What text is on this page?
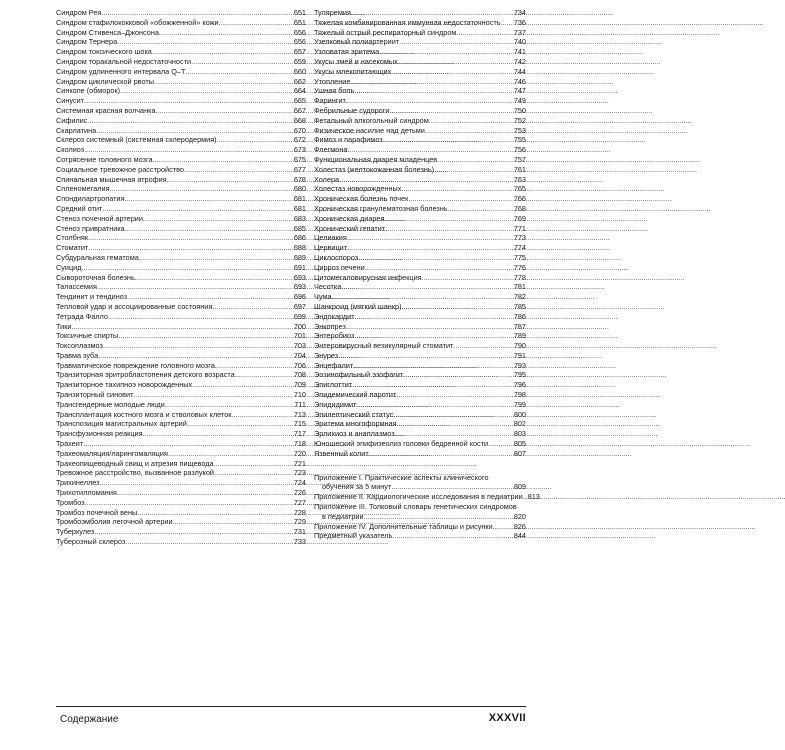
Синдром Рея . . .	651
Синдром стафилококковой «обожженной» кожи . . .	651
Синдром Стивенса–Джонсона . . .	656
Синдром Тернера . . .	656
Синдром токсического шока . . .	657
Синдром торакальной недостаточности . . .	659
Синдром удлиненного интервала Q–T . . .	660
Синдром циклической рвоты . . .	662
Синкопе (обморок) . . .	664
Синусит . . .	665
Системная красная волчанка . . .	667
Сифилис . . .	668
Скарлатина . . .	670
Склероз системный (системная склеродермия) . . .	672
Сколиоз . . .	673
Сотрясение головного мозга . . .	675
Социальное тревожное расстройство . . .	677
Спинальная мышечная атрофия . . .	678
Спленомегалия . . .	680
Спондилартропатия . . .	681
Средний отит . . .	681
Стеноз почечной артерии . . .	683
Стеноз привратника . . .	685
Столбняк . . .	686
Стоматит . . .	688
Субдуральная гематома . . .	689
Суицид . . .	691
Сывороточная болезнь . . .	693
Талассемия . . .	693
Тендинит и тендиноз . . .	696
Тепловой удар и ассоциированные состояния . . .	697
Тетрада Фалло . . .	699
Тики . . .	700
Токсичные спирты . . .	701
Токсоплазмоз . . .	703
Травма зуба . . .	704
Травматическое повреждение головного мозга . . .	706
Транзиторная эритробластопения детского возраста . . .	708
Транзиторное тахипноэ новорожденных . . .	709
Транзиторный синовит . . .	710
Трансгендерные молодые люди . . .	711
Трансплантация костного мозга и стволовых клеток . . .	713
Транспозиция магистральных артерий . . .	715
Трансфузионная реакция . . .	717
Трахеит . . .	718
Трахеомаляция/ларингомаляция . . .	720
Трахеопищеводный свищ и атрезия пищевода . . .	721
Тревожное расстройство, вызванное разлукой . . .	723
Трихинеллез . . .	724
Трихотилломания . . .	726
Тромбоз . . .	727
Тромбоз почечной вены . . .	728
Тромбоэмболия легочной артерии . . .	729
Туберкулез . . .	731
Туберозный склероз . . .	733
Туляремия . . .	734
Тяжелая комбинированная иммунная недостаточность . . . 736
Тяжелый острый респираторный синдром . . .	737
Узелковый полиартериит . . .	740
Узловатая эритема . . .	741
Укусы змей и насекомых . . .	742
Укусы млекопитающих . . .	744
Утопление . . .	746
Ушная боль . . .	747
Фарингит . . .	749
Фебрильные судороги . . .	750
Фетальный алкогольный синдром . . .	752
Физическое насилие над детьми . . .	753
Фимоз и парафимоз . . .	755
Флегмона . . .	756
Функциональная диарея младенцев . . .	757
Холестаз (желтокожанная болезнь) . . .	761
Холера . . .	763
Холестаз новорожденных . . .	765
Хроническая болезнь почек . . .	766
Хроническая гранулематозная болезнь . . .	768
Хроническая диарея . . .	769
Хронический гепатит . . .	771
Целиакия . . .	773
Цервицит . . .	774
Циклоспороз . . .	775
Цирроз печени . . .	776
Цитомегаловирусная инфекция . . .	778
Чесотка . . .	781
Чума . . .	782
Шанкроид (мягкий шанкр) . . .	785
Эндокардит . . .	786
Энкопрез . . .	787
Энтеробиоз . . .	789
Энтеровирусный везикулярный стоматит . . .	790
Энурез . . .	791
Энцефалит . . .	793
Эозинофильный эзофагит . . .	795
Эпиглоттит . . .	796
Эпидемический паротит . . .	798
Эпидидимит . . .	799
Эпилептический статус . . .	800
Эритема многоформная . . .	802
Эрлихиоз и анаплазмоз . . .	803
Юношеский эпифизеолиз головки бедренной кости . . .	805
Язвенный колит . . .	807
Приложение I. Практические аспекты клинического
обучения за 5 минут . . .	809
Приложение II. Кардиологические исследования в педиатрии . . . 813
Приложение III. Толковый словарь генетических синдромов
в педиатрии . . .	820
Приложение IV. Дополнительные таблицы и рисунки . . .	826
Предметный указатель . . .	844
Содержание	XXXVII
